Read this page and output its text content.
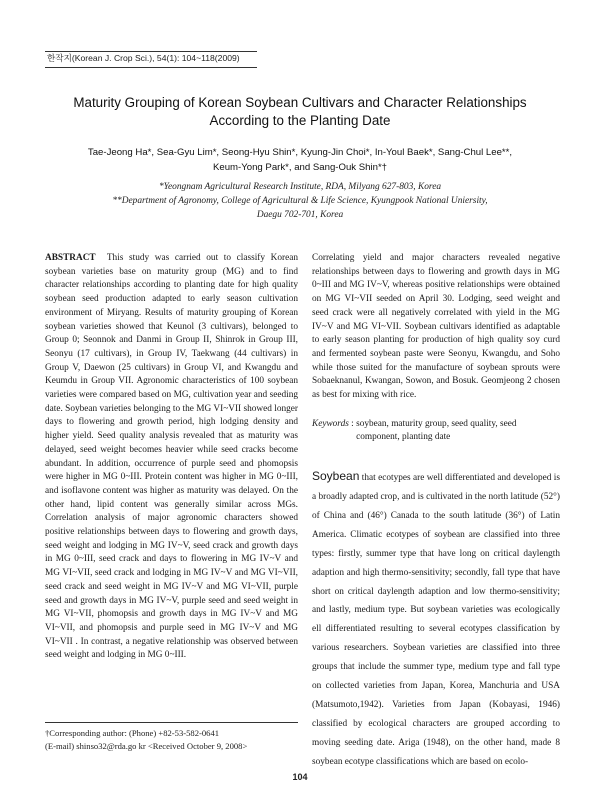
한작지(Korean J. Crop Sci.), 54(1): 104~118(2009)
Maturity Grouping of Korean Soybean Cultivars and Character Relationships
According to the Planting Date
Tae-Jeong Ha*, Sea-Gyu Lim*, Seong-Hyu Shin*, Kyung-Jin Choi*, In-Youl Baek*, Sang-Chul Lee**,
Keum-Yong Park*, and Sang-Ouk Shin*†
*Yeongnam Agricultural Research Institute, RDA, Milyang 627-803, Korea
**Department of Agronomy, College of Agricultural & Life Science, Kyungpook National Uniersity,
Daegu 702-701, Korea
ABSTRACT This study was carried out to classify Korean soybean varieties base on maturity group (MG) and to find character relationships according to planting date for high quality soybean seed production adapted to early season cultivation environment of Miryang. Results of maturity grouping of Korean soybean varieties showed that Keunol (3 cultivars), belonged to Group 0; Seonnok and Danmi in Group II, Shinrok in Group III, Seonyu (17 cultivars), in Group IV, Taekwang (44 cultivars) in Group V, Daewon (25 cultivars) in Group VI, and Kwangdu and Keumdu in Group VII. Agronomic characteristics of 100 soybean varieties were compared based on MG, cultivation year and seeding date. Soybean varieties belonging to the MG VI~VII showed longer days to flowering and growth period, high lodging density and higher yield. Seed quality analysis revealed that as maturity was delayed, seed weight becomes heavier while seed cracks become abundant. In addition, occurrence of purple seed and phomopsis were higher in MG 0~III. Protein content was higher in MG 0~III, and isoflavone content was higher as maturity was delayed. On the other hand, lipid content was generally similar across MGs. Correlation analysis of major agronomic characters showed positive relationships between days to flowering and growth days, seed weight and lodging in MG IV~V, seed crack and growth days in MG 0~III, seed crack and days to flowering in MG IV~V and MG VI~VII, seed crack and lodging in MG IV~V and MG VI~VII, seed crack and seed weight in MG IV~V and MG VI~VII, purple seed and growth days in MG IV~V, purple seed and seed weight in MG VI~VII, phomopsis and growth days in MG IV~V and MG VI~VII, and phomopsis and purple seed in MG IV~V and MG VI~VII . In contrast, a negative relationship was observed between seed weight and lodging in MG 0~III.
Correlating yield and major characters revealed negative relationships between days to flowering and growth days in MG 0~III and MG IV~V, whereas positive relationships were obtained on MG VI~VII seeded on April 30. Lodging, seed weight and seed crack were all negatively correlated with yield in the MG IV~V and MG VI~VII. Soybean cultivars identified as adaptable to early season planting for production of high quality soy curd and fermented soybean paste were Seonyu, Kwangdu, and Soho while those suited for the manufacture of soybean sprouts were Sobaeknanul, Kwangan, Sowon, and Bosuk. Geomjeong 2 chosen as best for mixing with rice.
Keywords : soybean, maturity group, seed quality, seed component, planting date
Soybean that ecotypes are well differentiated and developed is a broadly adapted crop, and is cultivated in the north latitude (52°) of China and (46°) Canada to the south latitude (36°) of Latin America. Climatic ecotypes of soybean are classified into three types: firstly, summer type that have long on critical daylength adaption and high thermo-sensitivity; secondly, fall type that have short on critical daylength adaption and low thermo-sensitivity; and lastly, medium type. But soybean varieties was ecologically ell differentiated resulting to several ecotypes classification by various researchers. Soybean varieties are classified into three groups that include the summer type, medium type and fall type on collected varieties from Japan, Korea, Manchuria and USA (Matsumoto,1942). Varieties from Japan (Kobayasi, 1946) classified by ecological characters are grouped according to moving seeding date. Ariga (1948), on the other hand, made 8 soybean ecotype classifications which are based on ecolo-
†Corresponding author: (Phone) +82-53-582-0641
(E-mail) shinso32@rda.go kr <Received October 9, 2008>
104
